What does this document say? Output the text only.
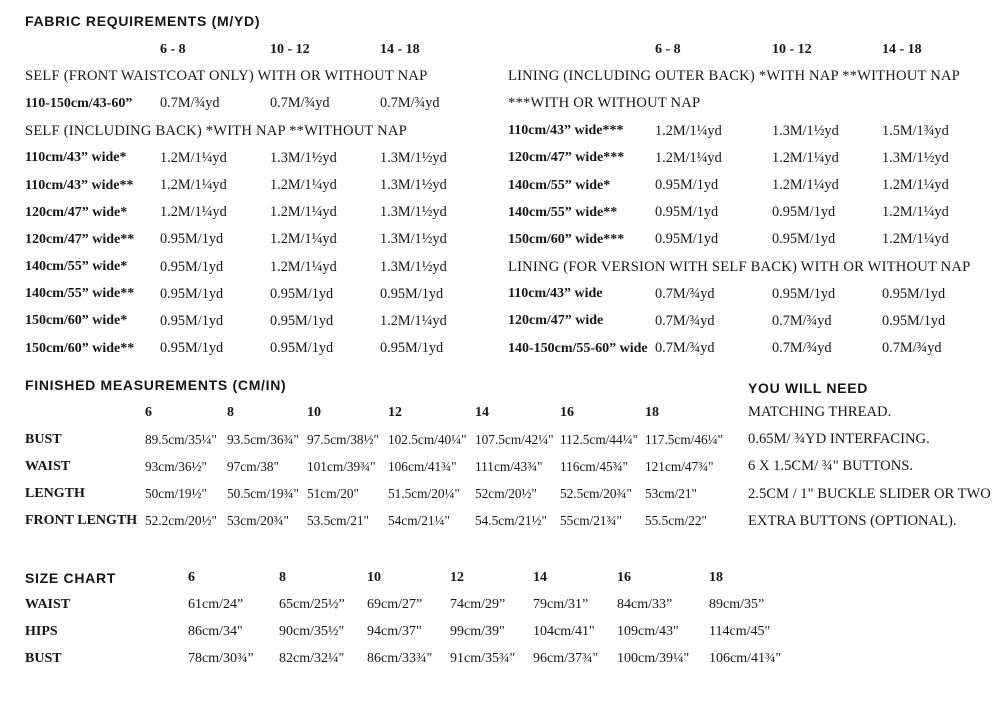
FABRIC REQUIREMENTS (M/YD)
6 - 8	10 - 12	14 - 18
SELF (FRONT WAISTCOAT ONLY) WITH OR WITHOUT NAP
110-150cm/43-60”	0.7M/¾yd	0.7M/¾yd	0.7M/¾yd
SELF (INCLUDING BACK) *WITH NAP **WITHOUT NAP
110cm/43” wide*	1.2M/1¼yd	1.3M/1½yd	1.3M/1½yd
110cm/43” wide**	1.2M/1¼yd	1.2M/1¼yd	1.3M/1½yd
120cm/47” wide*	1.2M/1¼yd	1.2M/1¼yd	1.3M/1½yd
120cm/47” wide**	0.95M/1yd	1.2M/1¼yd	1.3M/1½yd
140cm/55” wide*	0.95M/1yd	1.2M/1¼yd	1.3M/1½yd
140cm/55” wide**	0.95M/1yd	0.95M/1yd	0.95M/1yd
150cm/60” wide*	0.95M/1yd	0.95M/1yd	1.2M/1¼yd
150cm/60” wide**	0.95M/1yd	0.95M/1yd	0.95M/1yd
6 - 8	10 - 12	14 - 18
LINING (INCLUDING OUTER BACK) *WITH NAP **WITHOUT NAP
***WITH OR WITHOUT NAP
110cm/43” wide***	1.2M/1¼yd	1.3M/1½yd	1.5M/1¾yd
120cm/47” wide***	1.2M/1¼yd	1.2M/1¼yd	1.3M/1½yd
140cm/55” wide*	0.95M/1yd	1.2M/1¼yd	1.2M/1¼yd
140cm/55” wide**	0.95M/1yd	0.95M/1yd	1.2M/1¼yd
150cm/60” wide***	0.95M/1yd	0.95M/1yd	1.2M/1¼yd
LINING (FOR VERSION WITH SELF BACK) WITH OR WITHOUT NAP
110cm/43” wide	0.7M/¾yd	0.95M/1yd	0.95M/1yd
120cm/47” wide	0.7M/¾yd	0.7M/¾yd	0.95M/1yd
140-150cm/55-60” wide 0.7M/¾yd	0.7M/¾yd	0.7M/¾yd
FINISHED MEASUREMENTS (CM/IN)
6	8	10	12	14	16	18
BUST	89.5cm/35¼" 93.5cm/36¾" 97.5cm/38½" 102.5cm/40¼" 107.5cm/42¼" 112.5cm/44¼" 117.5cm/46¼"
WAIST	93cm/36½"	97cm/38"	101cm/39¾" 106cm/41¾"	111cm/43¾"	116cm/45¾"	121cm/47¾"
LENGTH	50cm/19½"	50.5cm/19¾" 51cm/20"	51.5cm/20¼"	52cm/20½"	52.5cm/20¾" 53cm/21"
FRONT LENGTH 52.2cm/20½" 53cm/20¾"	53.5cm/21"	54cm/21¼"	54.5cm/21½" 55cm/21¾"	55.5cm/22"
YOU WILL NEED
MATCHING THREAD.
0.65M/ ¾YD INTERFACING.
6 X 1.5CM/ ¾" BUTTONS.
2.5CM / 1" BUCKLE SLIDER OR TWO
EXTRA BUTTONS (OPTIONAL).
SIZE CHART	6	8	10	12	14	16	18
WAIST	61cm/24”	65cm/25½”	69cm/27”	74cm/29”	79cm/31”	84cm/33”	89cm/35”
HIPS	86cm/34"	90cm/35½"	94cm/37"	99cm/39"	104cm/41"	109cm/43"	114cm/45"
BUST	78cm/30¾”	82cm/32¼"	86cm/33¾"	91cm/35¾"	96cm/37¾"	100cm/39¼"	106cm/41¾"
